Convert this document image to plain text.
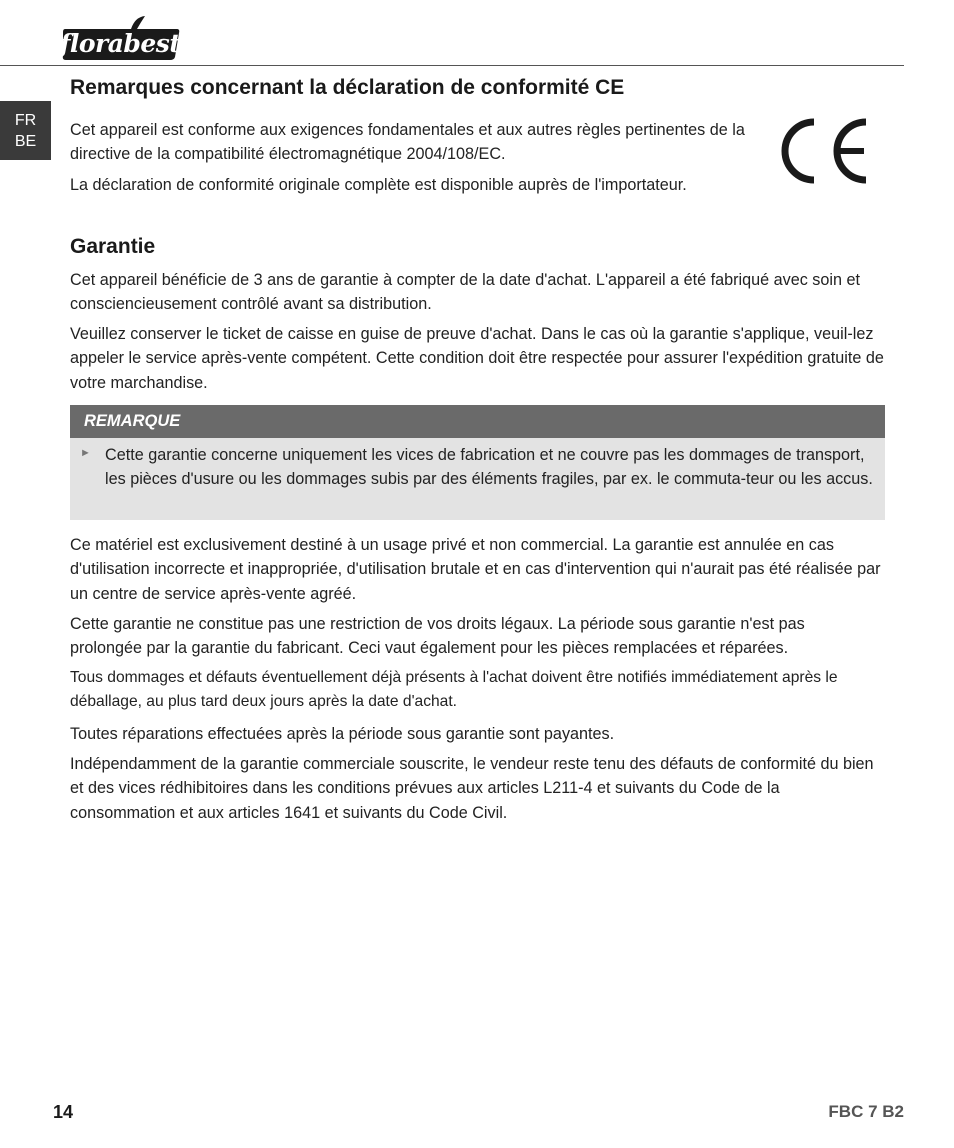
florabest
FR
BE
Remarques concernant la déclaration de conformité CE

Cet appareil est conforme aux exigences fondamentales et aux autres règles pertinentes de la directive de la compatibilité électromagnétique 2004/108/EC.

La déclaration de conformité originale complète est disponible auprès de l'importateur.

Garantie

Cet appareil bénéficie de 3 ans de garantie à compter de la date d'achat. L'appareil a été fabriqué avec soin et consciencieusement contrôlé avant sa distribution.

Veuillez conserver le ticket de caisse en guise de preuve d'achat. Dans le cas où la garantie s'applique, veuil-lez appeler le service après-vente compétent. Cette condition doit être respectée pour assurer l'expédition gratuite de votre marchandise.

REMARQUE
► Cette garantie concerne uniquement les vices de fabrication et ne couvre pas les dommages de transport, les pièces d'usure ou les dommages subis par des éléments fragiles, par ex. le commuta-teur ou les accus.

Ce matériel est exclusivement destiné à un usage privé et non commercial. La garantie est annulée en cas d'utilisation incorrecte et inappropriée, d'utilisation brutale et en cas d'intervention qui n'aurait pas été réalisée par un centre de service après-vente agréé.

Cette garantie ne constitue pas une restriction de vos droits légaux. La période sous garantie n'est pas prolongée par la garantie du fabricant. Ceci vaut également pour les pièces remplacées et réparées.

Tous dommages et défauts éventuellement déjà présents à l'achat doivent être notifiés immédiatement après le déballage, au plus tard deux jours après la date d'achat.

Toutes réparations effectuées après la période sous garantie sont payantes.

Indépendamment de la garantie commerciale souscrite, le vendeur reste tenu des défauts de conformité du bien et des vices rédhibitoires dans les conditions prévues aux articles L211-4 et suivants du Code de la consommation et aux articles 1641 et suivants du Code Civil.

14	FBC 7 B2
